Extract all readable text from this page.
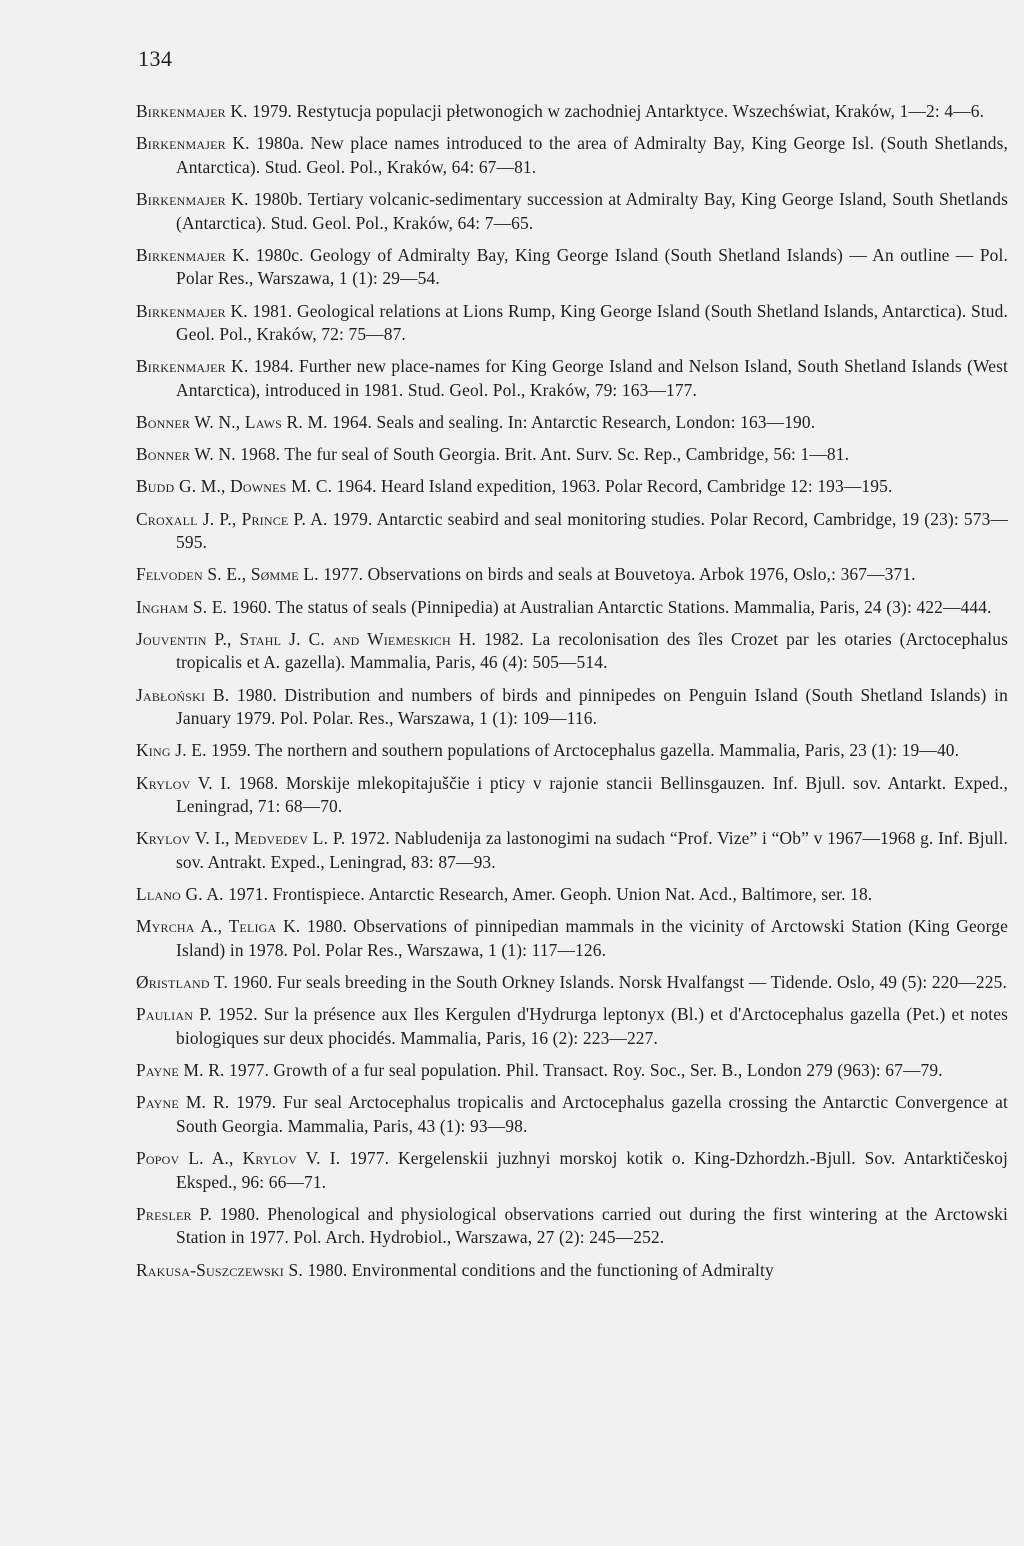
134

Birkenmajer K. 1979. Restytucja populacji płetwonogich w zachodniej Antarktyce. Wszechświat, Kraków, 1—2: 4—6.

Birkenmajer K. 1980a. New place names introduced to the area of Admiralty Bay, King George Isl. (South Shetlands, Antarctica). Stud. Geol. Pol., Kraków, 64: 67—81.

Birkenmajer K. 1980b. Tertiary volcanic-sedimentary succession at Admiralty Bay, King George Island, South Shetlands (Antarctica). Stud. Geol. Pol., Kraków, 64: 7—65.

Birkenmajer K. 1980c. Geology of Admiralty Bay, King George Island (South Shetland Islands) — An outline — Pol. Polar Res., Warszawa, 1 (1): 29—54.

Birkenmajer K. 1981. Geological relations at Lions Rump, King George Island (South Shetland Islands, Antarctica). Stud. Geol. Pol., Kraków, 72: 75—87.

Birkenmajer K. 1984. Further new place-names for King George Island and Nelson Island, South Shetland Islands (West Antarctica), introduced in 1981. Stud. Geol. Pol., Kraków, 79: 163—177.

Bonner W. N., Laws R. M. 1964. Seals and sealing. In: Antarctic Research, London: 163—190.

Bonner W. N. 1968. The fur seal of South Georgia. Brit. Ant. Surv. Sc. Rep., Cambridge, 56: 1—81.

Budd G. M., Downes M. C. 1964. Heard Island expedition, 1963. Polar Record, Cambridge 12: 193—195.

Croxall J. P., Prince P. A. 1979. Antarctic seabird and seal monitoring studies. Polar Record, Cambridge, 19 (23): 573—595.

Felvoden S. E., Sømme L. 1977. Observations on birds and seals at Bouvetoya. Arbok 1976, Oslo,: 367—371.

Ingham S. E. 1960. The status of seals (Pinnipedia) at Australian Antarctic Stations. Mammalia, Paris, 24 (3): 422—444.

Jouventin P., Stahl J. C. and Wiemeskich H. 1982. La recolonisation des îles Crozet par les otaries (Arctocephalus tropicalis et A. gazella). Mammalia, Paris, 46 (4): 505—514.

Jabłoński B. 1980. Distribution and numbers of birds and pinnipedes on Penguin Island (South Shetland Islands) in January 1979. Pol. Polar. Res., Warszawa, 1 (1): 109—116.

King J. E. 1959. The northern and southern populations of Arctocephalus gazella. Mammalia, Paris, 23 (1): 19—40.

Krylov V. I. 1968. Morskije mlekopitajuščie i pticy v rajonie stancii Bellinsgauzen. Inf. Bjull. sov. Antarkt. Exped., Leningrad, 71: 68—70.

Krylov V. I., Medvedev L. P. 1972. Nabludenija za lastonogimi na sudach “Prof. Vize” i “Ob” v 1967—1968 g. Inf. Bjull. sov. Antrakt. Exped., Leningrad, 83: 87—93.

Llano G. A. 1971. Frontispiece. Antarctic Research, Amer. Geoph. Union Nat. Acd., Baltimore, ser. 18.

Myrcha A., Teliga K. 1980. Observations of pinnipedian mammals in the vicinity of Arctowski Station (King George Island) in 1978. Pol. Polar Res., Warszawa, 1 (1): 117—126.

Øristland T. 1960. Fur seals breeding in the South Orkney Islands. Norsk Hvalfangst — Tidende. Oslo, 49 (5): 220—225.

Paulian P. 1952. Sur la présence aux Iles Kergulen d'Hydrurga leptonyx (Bl.) et d'Arctocephalus gazella (Pet.) et notes biologiques sur deux phocidés. Mammalia, Paris, 16 (2): 223—227.

Payne M. R. 1977. Growth of a fur seal population. Phil. Transact. Roy. Soc., Ser. B., London 279 (963): 67—79.

Payne M. R. 1979. Fur seal Arctocephalus tropicalis and Arctocephalus gazella crossing the Antarctic Convergence at South Georgia. Mammalia, Paris, 43 (1): 93—98.

Popov L. A., Krylov V. I. 1977. Kergelenskii juzhnyi morskoj kotik o. King-Dzhordzh.-Bjull. Sov. Antarktičeskoj Eksped., 96: 66—71.

Presler P. 1980. Phenological and physiological observations carried out during the first wintering at the Arctowski Station in 1977. Pol. Arch. Hydrobiol., Warszawa, 27 (2): 245—252.

Rakusa-Suszczewski S. 1980. Environmental conditions and the functioning of Admiralty
